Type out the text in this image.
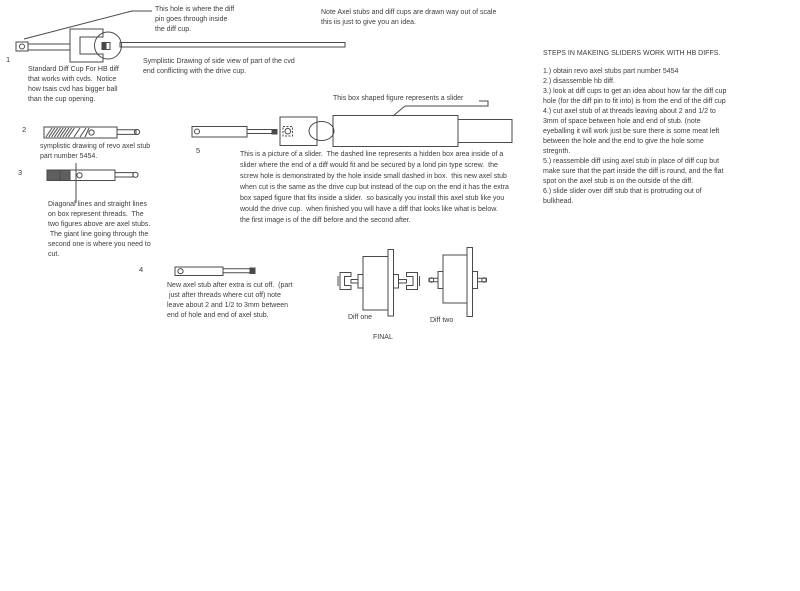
1
2
3
4
5
This hole is where the diff
pin goes through inside
the diff cup.
Note Axel stubs and diff cups are drawn way out of scale
this iis just to give you an idea.
Symplistic Drawing of side view of part of the cvd
end conflicting with the drive cup.
Standard Diff Cup For HB diff
that works with cvds.  Notice
how tsais cvd has bigger ball
than the cup opening.
symplistic drawing of revo axel stub
part number 5454.
Diagonal lines and straight lines
on box represent threads.  The
two figures above are axel stubs.
The giant line going through the
second one is where you need to
cut.
This box shaped figure represents a slider
This is a picture of a slider.  The dashed line represents a hidden box area inside of a
slider where the end of a diff would fit and be secured by a lond pin type screw.  the
screw hole is demonstrated by the hole inside small dashed in box.  this new axel stub
when cut is the same as the drive cup but instead of the cup on the end it has the extra
box saped figure that fits inside a slider.  so basically you install this axel stub like you
would the drive cup.  when finished you will have a diff that looks like what is below.
the first image is of the diff before and the second after.
New axel stub after extra is cut off.  (part
just after threads where cut off) note
leave about 2 and 1/2 to 3mm between
end of hole and end of axel stub.	Diff one	Diff two
FINAL
STEPS IN MAKEING SLIDERS WORK WITH HB DIFFS.
1.) obtain revo axel stubs part number 5454
2.) disassemble hb diff.
3.) look at diff cups to get an idea about how far the diff cup
hole (for the diff pin to fit into) is from the end of the diff cup
4.) cut axel stub of at threads leaving about 2 and 1/2 to
3mm of space between hole and end of stub. (note
eyeballing it will work just be sure there is some meat left
between the hole and the end to give the hole some
stregnth.
5.) reassemble diff using axel stub in place of diff cup but
make sure that the part inside the diff is round, and the flat
spot on the axel stub is on the outside of the diff.
6.) slide slider over diff stub that is protruding out of
bulkhead.
